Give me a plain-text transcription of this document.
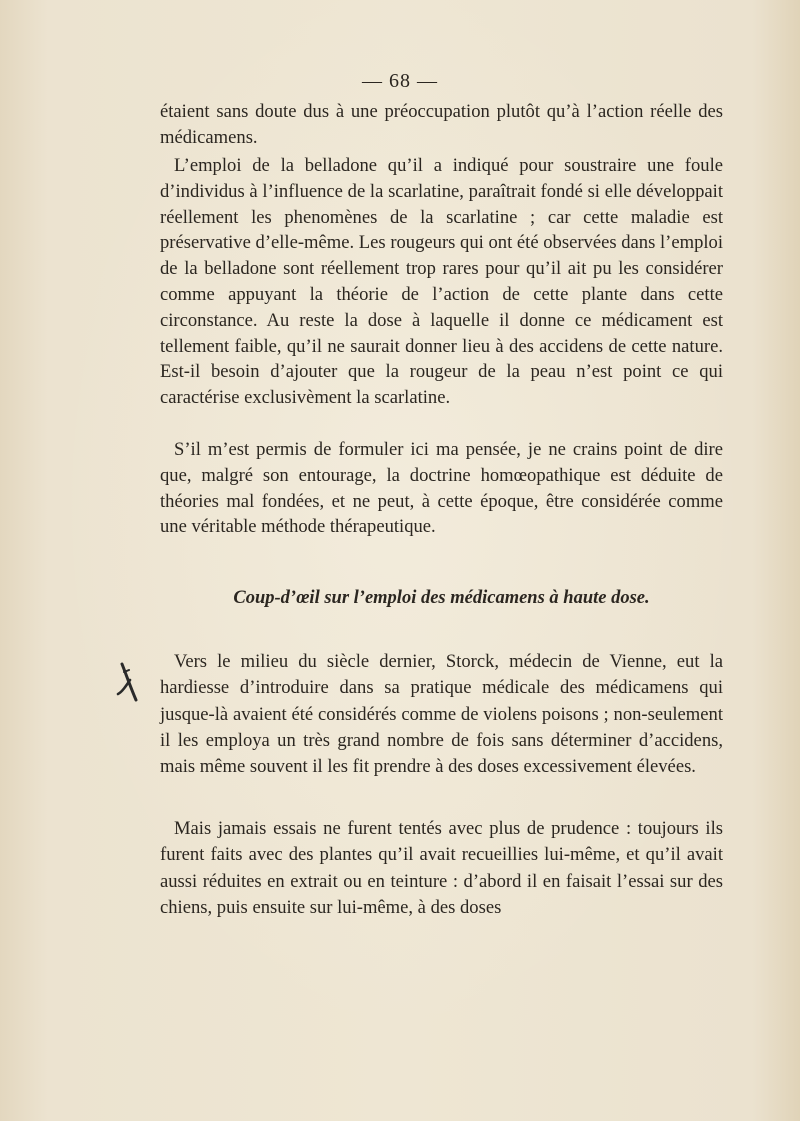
— 68 —

étaient sans doute dus à une préoccupation plutôt qu’à l’action réelle des médicamens.

L’emploi de la belladone qu’il a indiqué pour soustraire une foule d’individus à l’influence de la scarlatine, paraîtrait fondé si elle développait réellement les phenomènes de la scarlatine ; car cette maladie est préservative d’elle-même. Les rougeurs qui ont été observées dans l’emploi de la belladone sont réellement trop rares pour qu’il ait pu les considérer comme appuyant la théorie de l’action de cette plante dans cette circonstance. Au reste la dose à laquelle il donne ce médicament est tellement faible, qu’il ne saurait donner lieu à des accidens de cette nature. Est-il besoin d’ajouter que la rougeur de la peau n’est point ce qui caractérise exclusivèment la scarlatine.

S’il m’est permis de formuler ici ma pensée, je ne crains point de dire que, malgré son entourage, la doctrine homœopathique est déduite de théories mal fondées, et ne peut, à cette époque, être considérée comme une véritable méthode thérapeutique.

Coup-d’œil sur l’emploi des médicamens à haute dose.

Vers le milieu du siècle dernier, Storck, médecin de Vienne, eut la hardiesse d’introduire dans sa pratique médicale des médicamens qui jusque-là avaient été considérés comme de violens poisons ; non-seulement il les employa un très grand nombre de fois sans déterminer d’accidens, mais même souvent il les fit prendre à des doses excessivement élevées.

Mais jamais essais ne furent tentés avec plus de prudence : toujours ils furent faits avec des plantes qu’il avait recueillies lui-même, et qu’il avait aussi réduites en extrait ou en teinture : d’abord il en faisait l’essai sur des chiens, puis ensuite sur lui-même, à des doses
